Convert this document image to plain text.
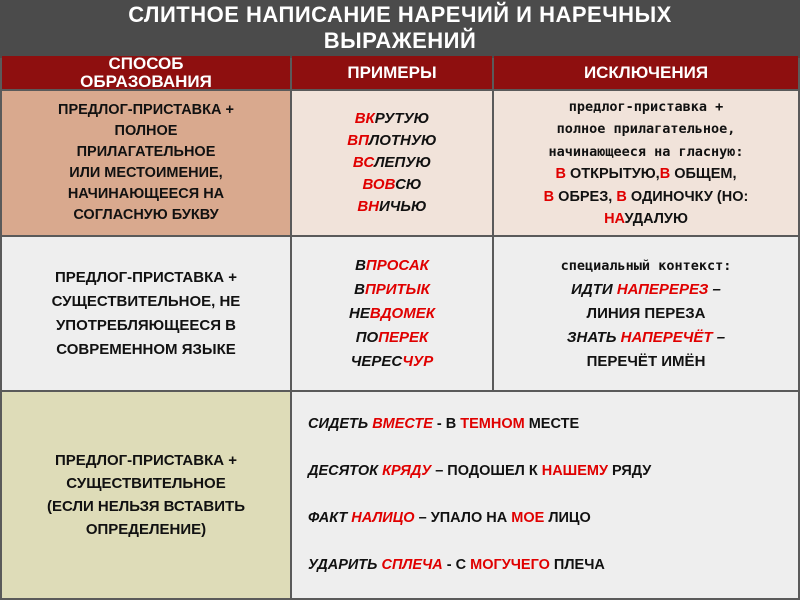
СЛИТНОЕ НАПИСАНИЕ НАРЕЧИЙ И НАРЕЧНЫХ
ВЫРАЖЕНИЙ
СПОСОБ
ОБРАЗОВАНИЯ	ПРИМЕРЫ	ИСКЛЮЧЕНИЯ
ПРЕДЛОГ-ПРИСТАВКА +
ПОЛНОЕ
ПРИЛАГАТЕЛЬНОЕ
ИЛИ МЕСТОИМЕНИЕ,
НАЧИНАЮЩЕЕСЯ НА
СОГЛАСНУЮ БУКВУ
ВКРУТУЮ
ВПЛОТНУЮ
ВСЛЕПУЮ
ВОВСЮ
ВНИЧЬЮ
предлог-приставка +
полное прилагательное,
начинающееся на гласную:
В ОТКРЫТУЮ,В ОБЩЕМ,
В ОБРЕЗ, В ОДИНОЧКУ (НО:
НАУДАЛУЮ
ПРЕДЛОГ-ПРИСТАВКА +
СУЩЕСТВИТЕЛЬНОЕ, НЕ
УПОТРЕБЛЯЮЩЕЕСЯ В
СОВРЕМЕННОМ ЯЗЫКЕ
ВПРОСАК
ВПРИТЫК
НЕВДОМЕК
ПОПЕРЕК
ЧЕРЕСЧУР
специальный контекст:
ИДТИ НАПЕРЕРЕЗ –
ЛИНИЯ ПЕРЕЗА
ЗНАТЬ НАПЕРЕЧЁТ –
ПЕРЕЧЁТ ИМЁН
ПРЕДЛОГ-ПРИСТАВКА +
СУЩЕСТВИТЕЛЬНОЕ
(ЕСЛИ НЕЛЬЗЯ ВСТАВИТЬ
ОПРЕДЕЛЕНИЕ)
СИДЕТЬ ВМЕСТЕ - В ТЕМНОМ МЕСТЕ
ДЕСЯТОК КРЯДУ – ПОДОШЕЛ К НАШЕМУ РЯДУ
ФАКТ НАЛИЦО – УПАЛО НА МОЕ ЛИЦО
УДАРИТЬ СПЛЕЧА - С МОГУЧЕГО ПЛЕЧА
